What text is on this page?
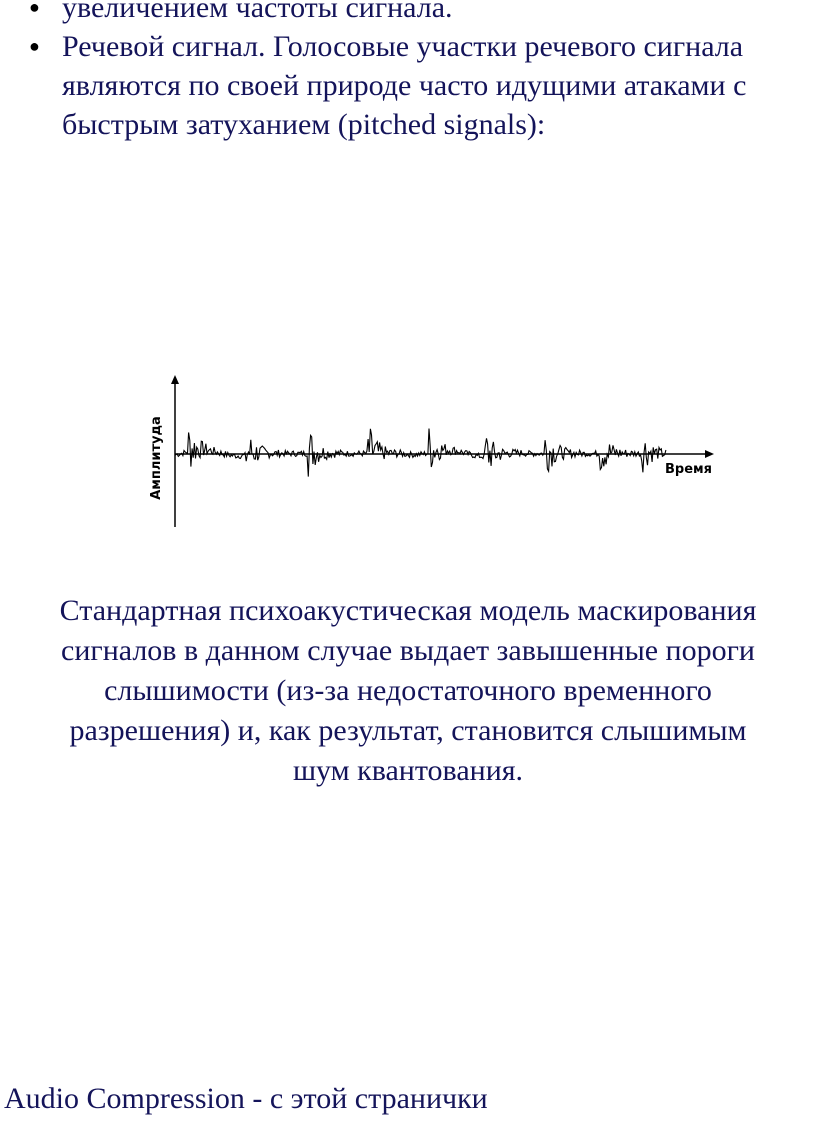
● увеличением частоты сигнала.
● Речевой сигнал. Голосовые участки речевого сигнала являются по своей природе часто идущими атаками с быстрым затуханием (pitched signals):
Амплитуда	Время

Стандартная психоакустическая модель маскирования сигналов в данном случае выдает завышенные пороги слышимости (из-за недостаточного временного разрешения) и, как результат, становится слышимым шум квантования.

Audio Compression - с этой странички
